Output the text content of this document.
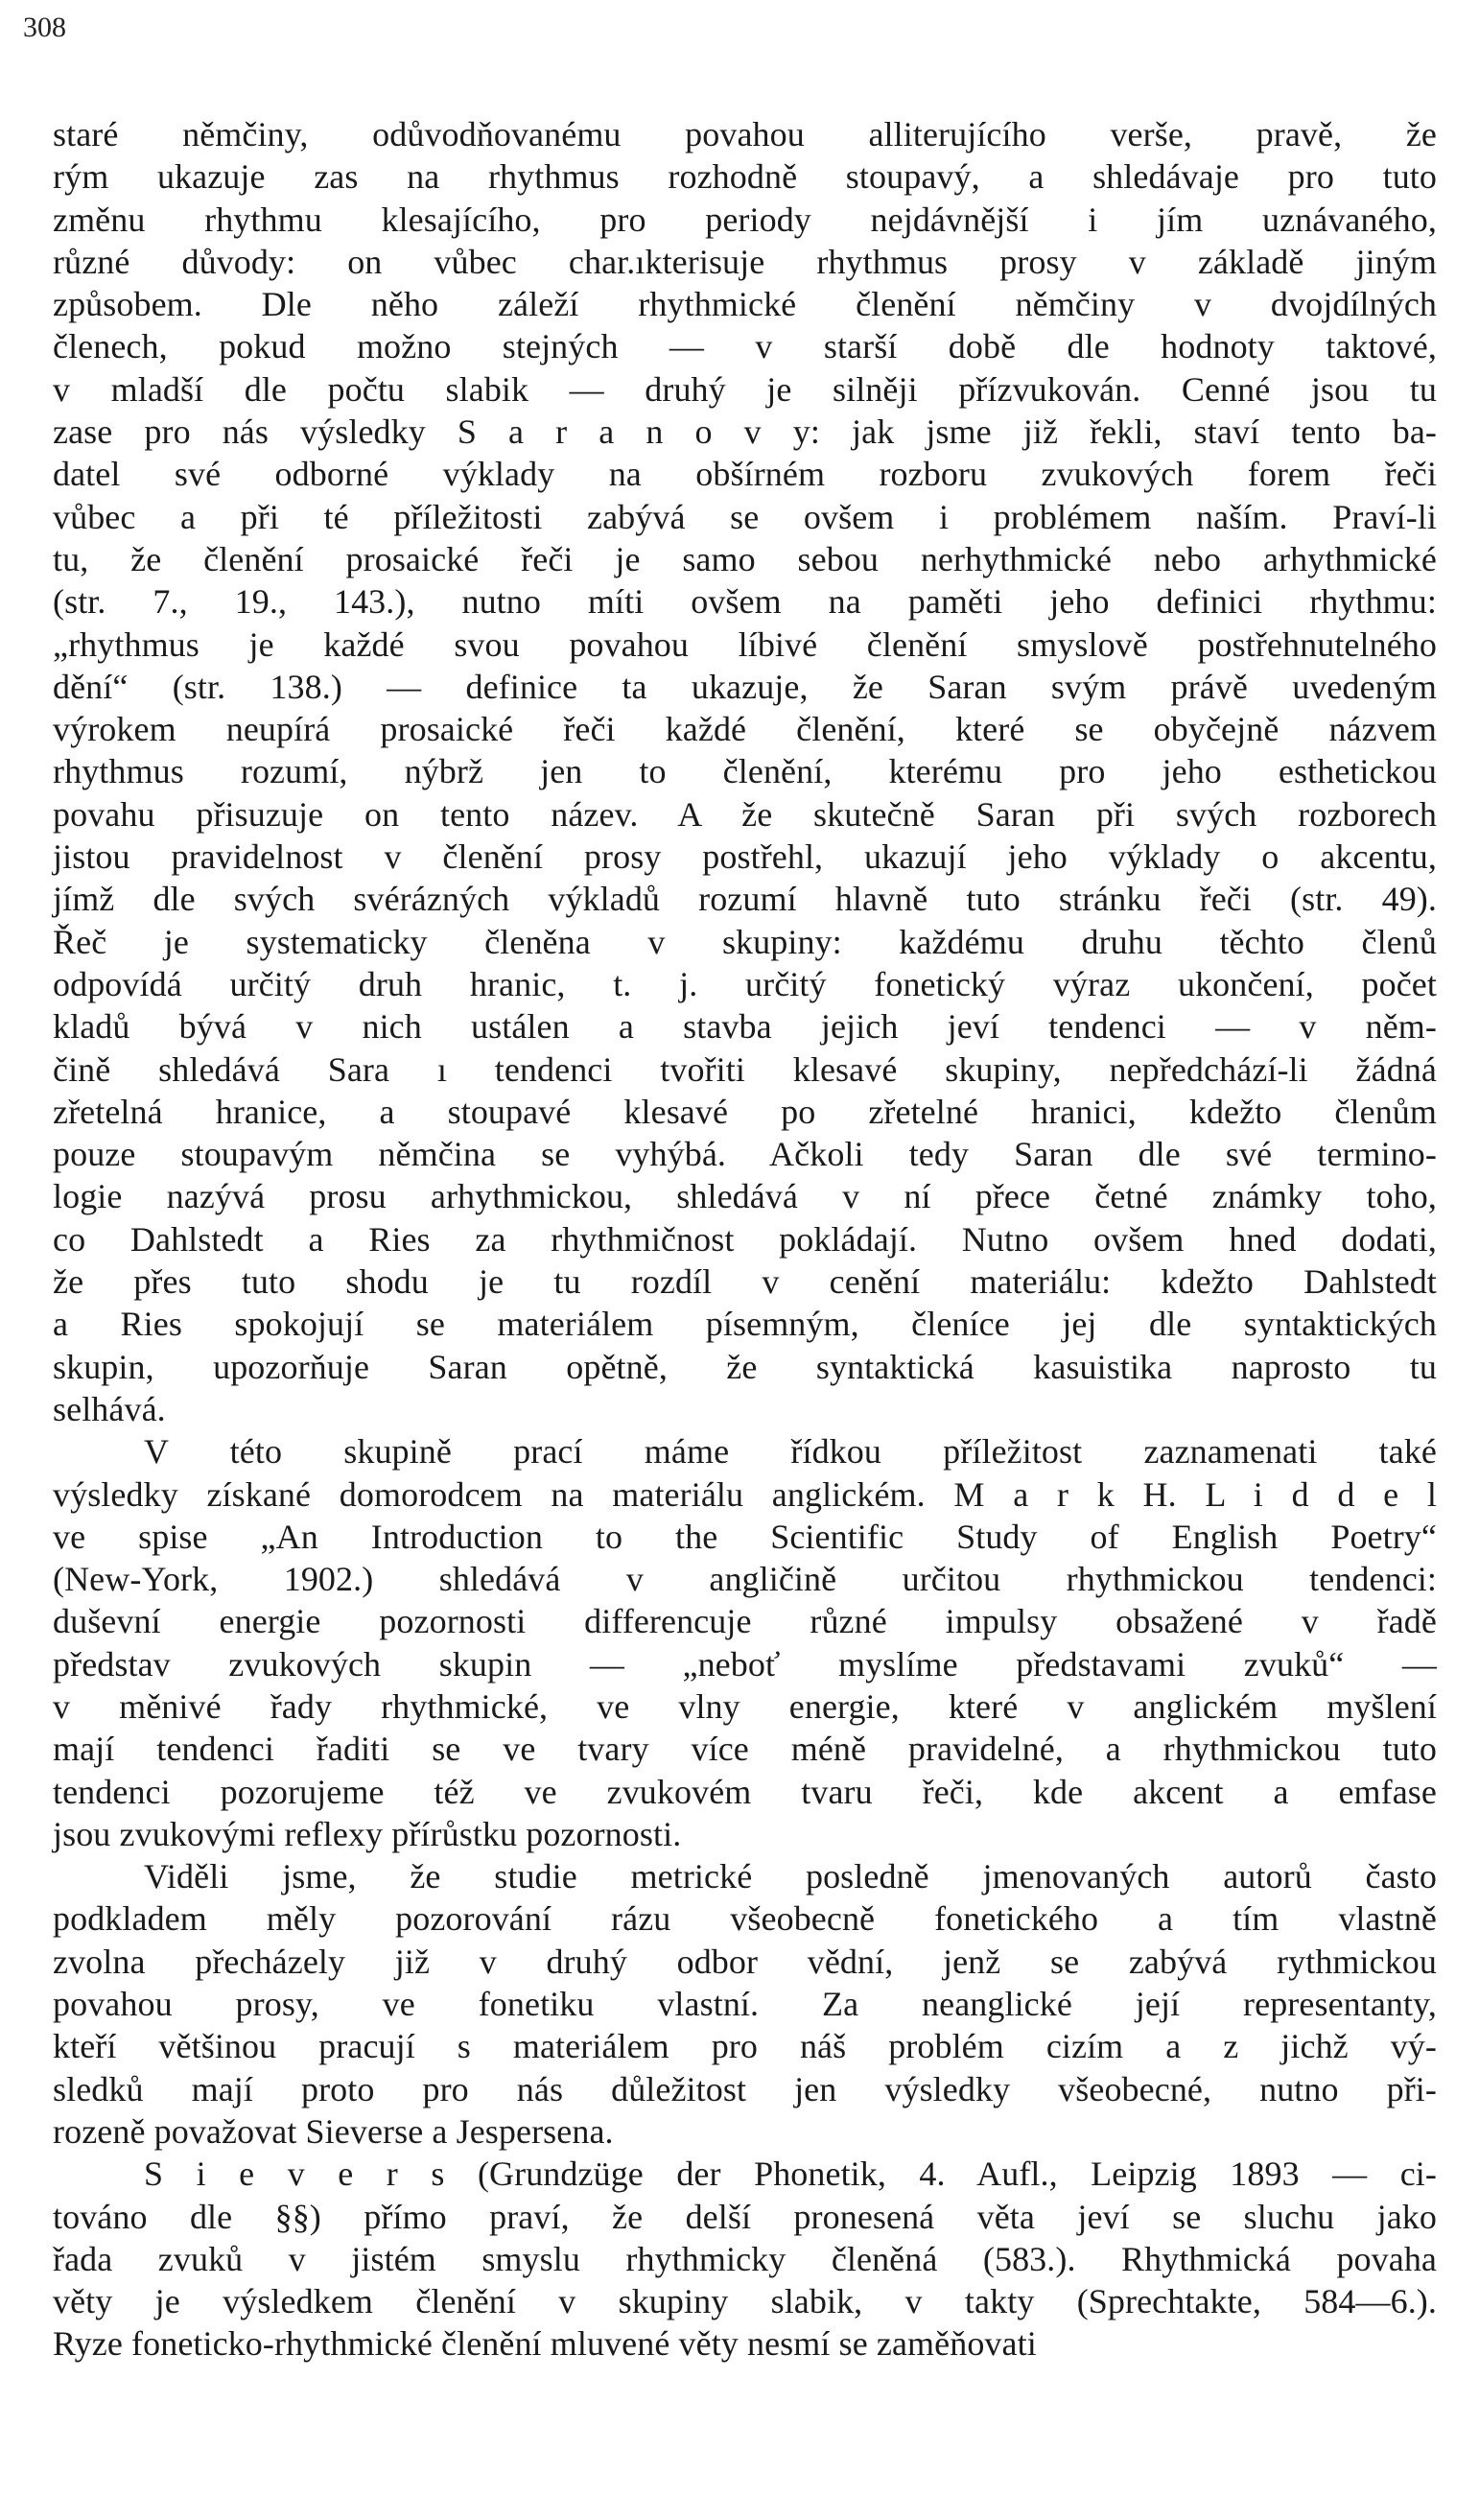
308
staré němčiny, odůvodňovanému povahou alliterujícího verše, pravě, že
rým ukazuje zas na rhythmus rozhodně stoupavý, a shledávaje pro tuto
změnu rhythmu klesajícího, pro periody nejdávnější i jím uznávaného,
různé důvody: on vůbec char.ıkterisuje rhythmus prosy v základě jiným
způsobem. Dle něho záleží rhythmické členění němčiny v dvojdílných
členech, pokud možno stejných — v starší době dle hodnoty taktové,
v mladší dle počtu slabik — druhý je silněji přízvukován. Cenné jsou tu
zase pro nás výsledky S a r a n o v y: jak jsme již řekli, staví tento ba-
datel své odborné výklady na obšírném rozboru zvukových forem řeči
vůbec a při té příležitosti zabývá se ovšem i problémem naším. Praví-li
tu, že členění prosaické řeči je samo sebou nerhythmické nebo arhythmické
(str. 7., 19., 143.), nutno míti ovšem na paměti jeho definici rhythmu:
„rhythmus je každé svou povahou líbivé členění smyslově postřehnutelného
dění“ (str. 138.) — definice ta ukazuje, že Saran svým právě uvedeným
výrokem neupírá prosaické řeči každé členění, které se obyčejně názvem
rhythmus rozumí, nýbrž jen to členění, kterému pro jeho esthetickou
povahu přisuzuje on tento název. A že skutečně Saran při svých rozborech
jistou pravidelnost v členění prosy postřehl, ukazují jeho výklady o akcentu,
jímž dle svých svérázných výkladů rozumí hlavně tuto stránku řeči (str. 49).
Řeč je systematicky členěna v skupiny: každému druhu těchto členů
odpovídá určitý druh hranic, t. j. určitý fonetický výraz ukončení, počet
kladů bývá v nich ustálen a stavba jejich jeví tendenci — v něm-
čině shledává Sara ı tendenci tvořiti klesavé skupiny, nepředchází-li žádná
zřetelná hranice, a stoupavé klesavé po zřetelné hranici, kdežto členům
pouze stoupavým němčina se vyhýbá. Ačkoli tedy Saran dle své termino-
logie nazývá prosu arhythmickou, shledává v ní přece četné známky toho,
co Dahlstedt a Ries za rhythmičnost pokládají. Nutno ovšem hned dodati,
že přes tuto shodu je tu rozdíl v cenění materiálu: kdežto Dahlstedt
a Ries spokojují se materiálem písemným, členíce jej dle syntaktických
skupin, upozorňuje Saran opětně, že syntaktická kasuistika naprosto tu
selhává.
V této skupině prací máme řídkou příležitost zaznamenati také
výsledky získané domorodcem na materiálu anglickém. M a r k H. L i d d e l
ve spise „An Introduction to the Scientific Study of English Poetry“
(New-York, 1902.) shledává v angličině určitou rhythmickou tendenci:
duševní energie pozornosti differencuje různé impulsy obsažené v řadě
představ zvukových skupin — „neboť myslíme představami zvuků“ —
v měnivé řady rhythmické, ve vlny energie, které v anglickém myšlení
mají tendenci řaditi se ve tvary více méně pravidelné, a rhythmickou tuto
tendenci pozorujeme též ve zvukovém tvaru řeči, kde akcent a emfase
jsou zvukovými reflexy přírůstku pozornosti.
Viděli jsme, že studie metrické posledně jmenovaných autorů často
podkladem měly pozorování rázu všeobecně fonetického a tím vlastně
zvolna přecházely již v druhý odbor vědní, jenž se zabývá rythmickou
povahou prosy, ve fonetiku vlastní. Za neanglické její representanty,
kteří většinou pracují s materiálem pro náš problém cizím a z jichž vý-
sledků mají proto pro nás důležitost jen výsledky všeobecné, nutno při-
rozeně považovat Sieverse a Jespersena.
S i e v e r s (Grundzüge der Phonetik, 4. Aufl., Leipzig 1893 — ci-
továno dle §§) přímo praví, že delší pronesená věta jeví se sluchu jako
řada zvuků v jistém smyslu rhythmicky členěná (583.). Rhythmická povaha
věty je výsledkem členění v skupiny slabik, v takty (Sprechtakte, 584—6.).
Ryze foneticko-rhythmické členění mluvené věty nesmí se zaměňovati
